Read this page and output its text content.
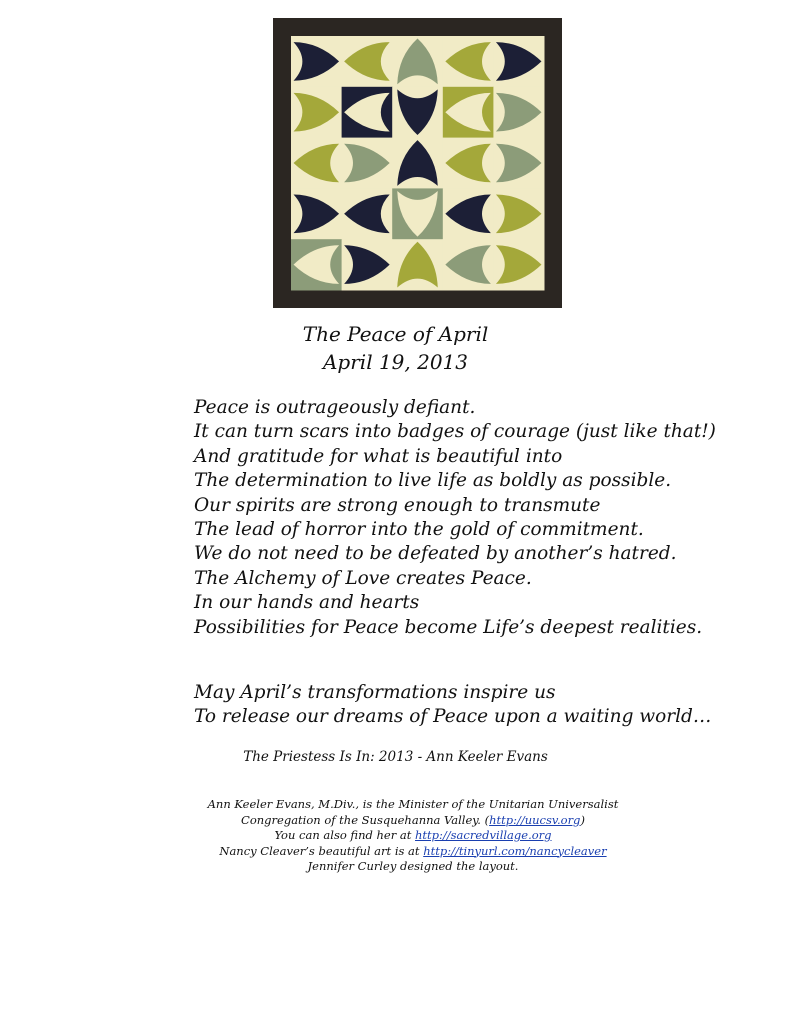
The Peace of April
April 19, 2013
Peace is outrageously defiant.
It can turn scars into badges of courage (just like that!)
And gratitude for what is beautiful into
The determination to live life as boldly as possible.
Our spirits are strong enough to transmute
The lead of horror into the gold of commitment.
We do not need to be defeated by another’s hatred.
The Alchemy of Love creates Peace.
In our hands and hearts
Possibilities for Peace become Life’s deepest realities.
May April’s transformations inspire us
To release our dreams of Peace upon a waiting world…
The Priestess Is In: 2013 - Ann Keeler Evans
Ann Keeler Evans, M.Div., is the Minister of the Unitarian Universalist
Congregation of the Susquehanna Valley. (http://uucsv.org)
You can also find her at http://sacredvillage.org
Nancy Cleaver’s beautiful art is at http://tinyurl.com/nancycleaver
Jennifer Curley designed the layout.
